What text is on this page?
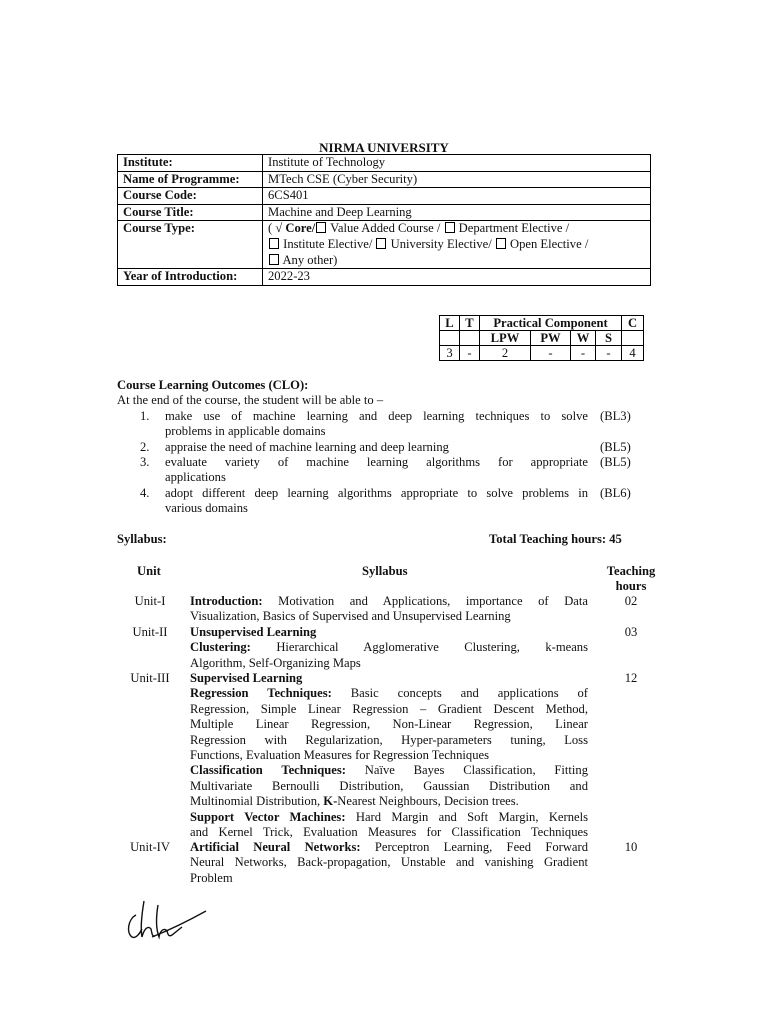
NIRMA UNIVERSITY
Institute:	Institute of Technology
Name of Programme:	MTech CSE (Cyber Security)
Course Code:	6CS401
Course Title:	Machine and Deep Learning
Course Type:	( √ Core/ Value Added Course /  Department Elective /
Institute Elective/  University Elective/  Open Elective /
Any other)

Year of Introduction:	2022-23
L	T	Practical Component				C
		LPW	PW	W	S	
3	-	2	-	-	-	4
Course Learning Outcomes (CLO):
At the end of the course, the student will be able to –
1. make use of machine learning and deep learning techniques to solve
problems in applicable domains
(BL3)
2. appraise the need of machine learning and deep learning	(BL5)
3. evaluate variety of machine learning algorithms for appropriate
applications
(BL5)
4. adopt different deep learning algorithms appropriate to solve problems in
various domains
(BL6)
Syllabus:	Total Teaching hours: 45
Unit	Syllabus	Teaching
hours
Unit-I	Introduction: Motivation and Applications, importance of Data
Visualization, Basics of Supervised and Unsupervised Learning
02
Unit-II	Unsupervised Learning
Clustering: Hierarchical Agglomerative Clustering, k-means
Algorithm, Self-Organizing Maps
03
Unit-III	Supervised Learning
Regression Techniques: Basic concepts and applications of
Regression, Simple Linear Regression – Gradient Descent Method,
Multiple Linear Regression, Non-Linear Regression, Linear
Regression with Regularization, Hyper-parameters tuning, Loss
Functions, Evaluation Measures for Regression Techniques
Classification Techniques: Naïve Bayes Classification, Fitting
Multivariate Bernoulli Distribution, Gaussian Distribution and
Multinomial Distribution, K-Nearest Neighbours, Decision trees.
Support Vector Machines: Hard Margin and Soft Margin, Kernels
and Kernel Trick, Evaluation Measures for Classification Techniques
12
Unit-IV	Artificial Neural Networks: Perceptron Learning, Feed Forward
Neural Networks, Back-propagation, Unstable and vanishing Gradient
Problem
10
